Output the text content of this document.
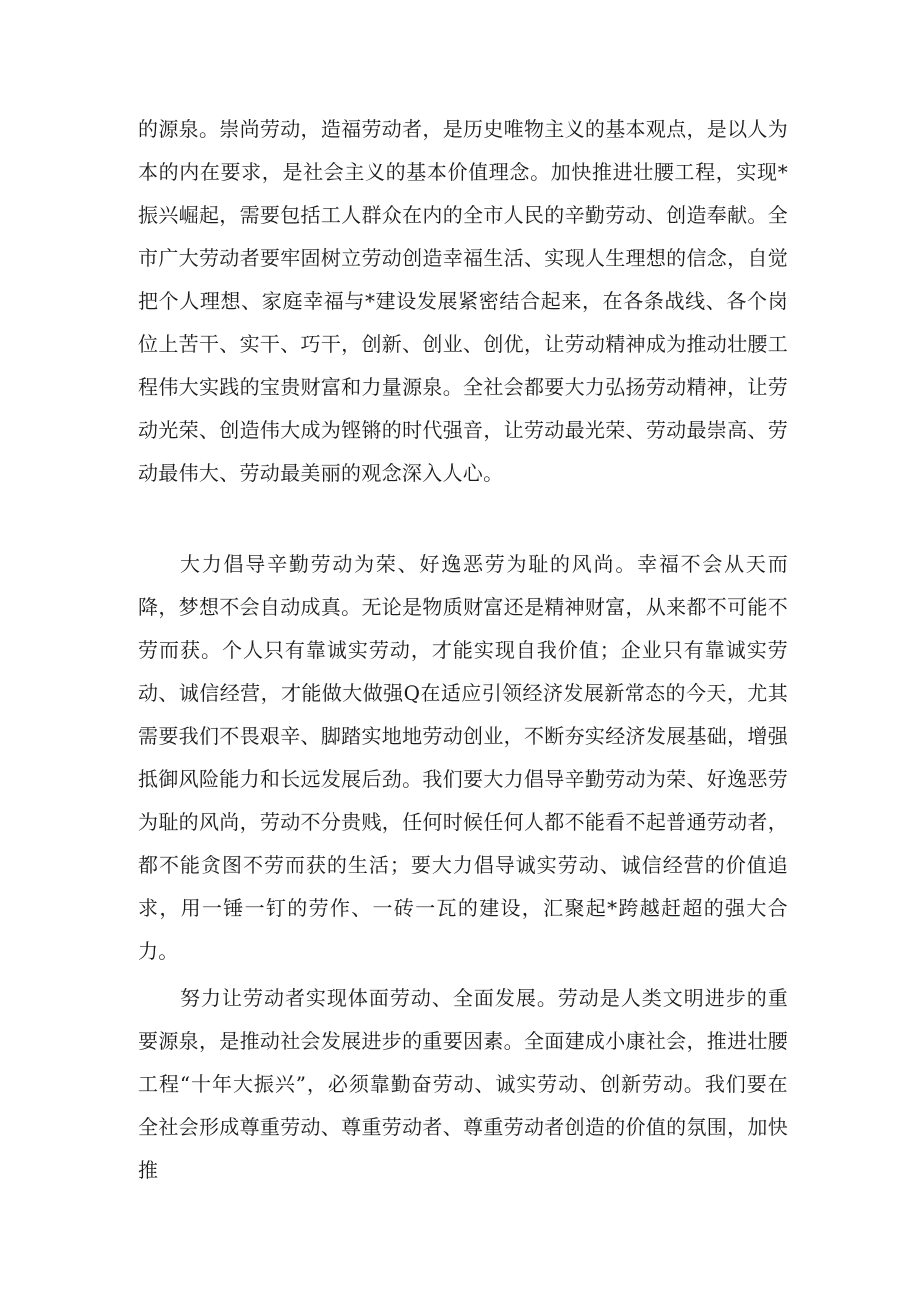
的源泉。崇尚劳动，造福劳动者，是历史唯物主义的基本观点，是以人为本的内在要求，是社会主义的基本价值理念。加快推进壮腰工程，实现*振兴崛起，需要包括工人群众在内的全市人民的辛勤劳动、创造奉献。全市广大劳动者要牢固树立劳动创造幸福生活、实现人生理想的信念，自觉把个人理想、家庭幸福与*建设发展紧密结合起来，在各条战线、各个岗位上苦干、实干、巧干，创新、创业、创优，让劳动精神成为推动壮腰工程伟大实践的宝贵财富和力量源泉。全社会都要大力弘扬劳动精神，让劳动光荣、创造伟大成为铿锵的时代强音，让劳动最光荣、劳动最崇高、劳动最伟大、劳动最美丽的观念深入人心。

大力倡导辛勤劳动为荣、好逸恶劳为耻的风尚。幸福不会从天而降，梦想不会自动成真。无论是物质财富还是精神财富，从来都不可能不劳而获。个人只有靠诚实劳动，才能实现自我价值；企业只有靠诚实劳动、诚信经营，才能做大做强Q在适应引领经济发展新常态的今天，尤其需要我们不畏艰辛、脚踏实地地劳动创业，不断夯实经济发展基础，增强抵御风险能力和长远发展后劲。我们要大力倡导辛勤劳动为荣、好逸恶劳为耻的风尚，劳动不分贵贱，任何时候任何人都不能看不起普通劳动者，都不能贪图不劳而获的生活；要大力倡导诚实劳动、诚信经营的价值追求，用一锤一钉的劳作、一砖一瓦的建设，汇聚起*跨越赶超的强大合力。

努力让劳动者实现体面劳动、全面发展。劳动是人类文明进步的重要源泉，是推动社会发展进步的重要因素。全面建成小康社会，推进壮腰工程“十年大振兴”，必须靠勤奋劳动、诚实劳动、创新劳动。我们要在全社会形成尊重劳动、尊重劳动者、尊重劳动者创造的价值的氛围，加快推
